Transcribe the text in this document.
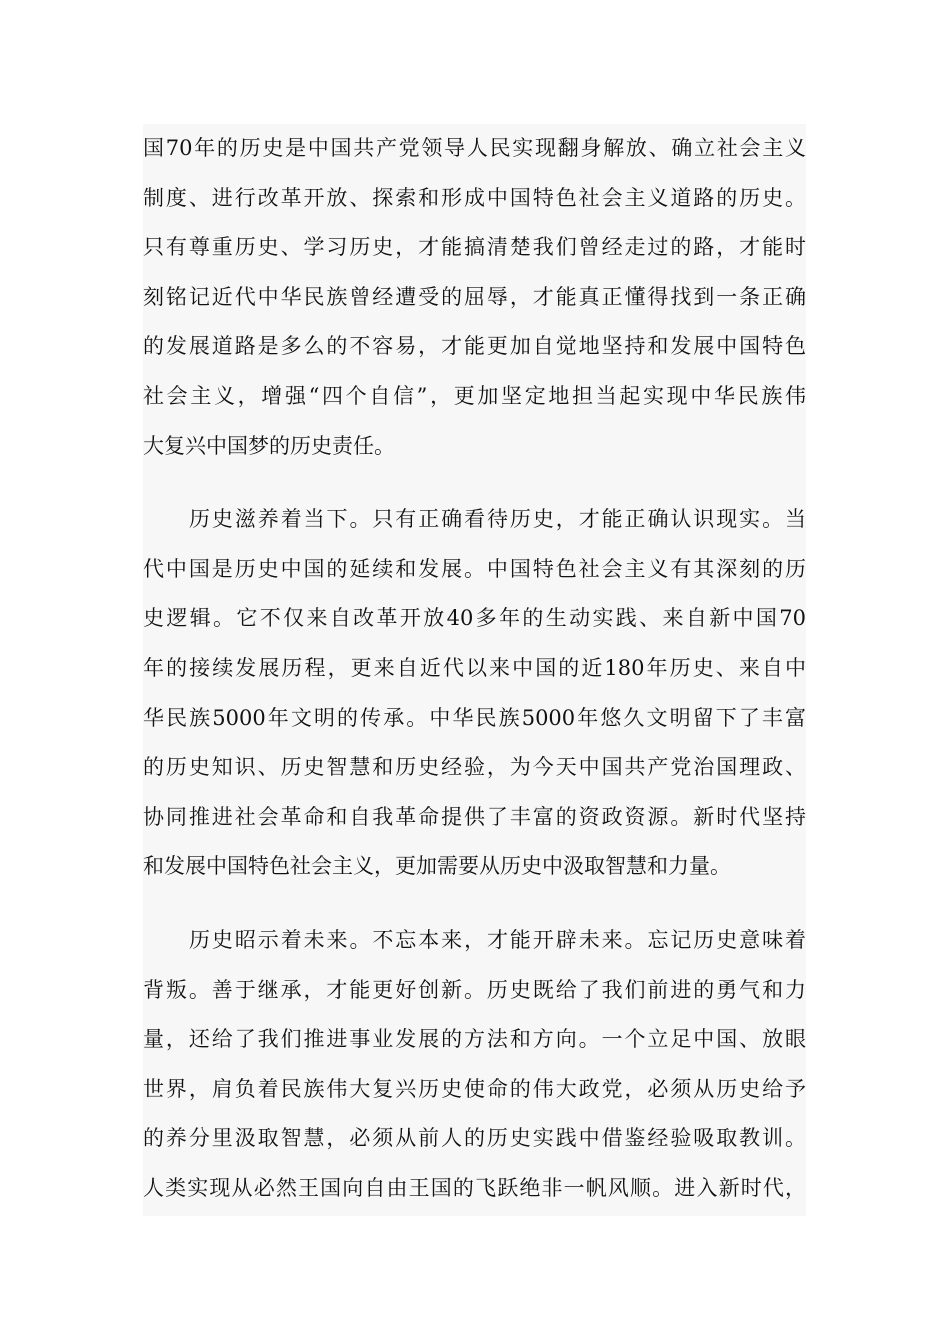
国70年的历史是中国共产党领导人民实现翻身解放、确立社会主义
制度、进行改革开放、探索和形成中国特色社会主义道路的历史。
只有尊重历史、学习历史，才能搞清楚我们曾经走过的路，才能时
刻铭记近代中华民族曾经遭受的屈辱，才能真正懂得找到一条正确
的发展道路是多么的不容易，才能更加自觉地坚持和发展中国特色
社会主义，增强“四个自信”，更加坚定地担当起实现中华民族伟
大复兴中国梦的历史责任。
历史滋养着当下。只有正确看待历史，才能正确认识现实。当
代中国是历史中国的延续和发展。中国特色社会主义有其深刻的历
史逻辑。它不仅来自改革开放40多年的生动实践、来自新中国70
年的接续发展历程，更来自近代以来中国的近180年历史、来自中
华民族5000年文明的传承。中华民族5000年悠久文明留下了丰富
的历史知识、历史智慧和历史经验，为今天中国共产党治国理政、
协同推进社会革命和自我革命提供了丰富的资政资源。新时代坚持
和发展中国特色社会主义，更加需要从历史中汲取智慧和力量。
历史昭示着未来。不忘本来，才能开辟未来。忘记历史意味着
背叛。善于继承，才能更好创新。历史既给了我们前进的勇气和力
量，还给了我们推进事业发展的方法和方向。一个立足中国、放眼
世界，肩负着民族伟大复兴历史使命的伟大政党，必须从历史给予
的养分里汲取智慧，必须从前人的历史实践中借鉴经验吸取教训。
人类实现从必然王国向自由王国的飞跃绝非一帆风顺。进入新时代，
